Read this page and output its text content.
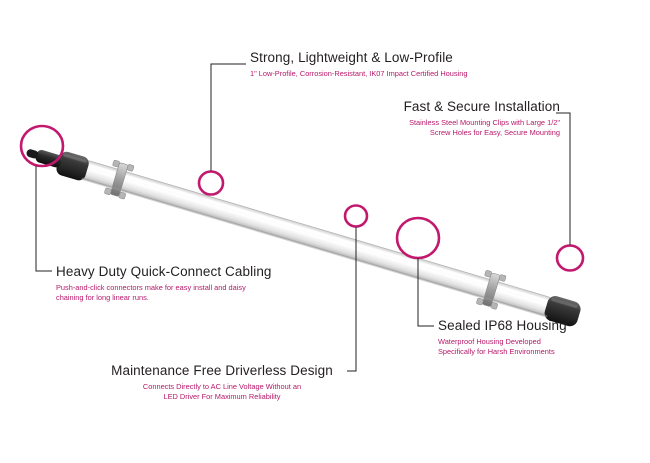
Strong, Lightweight & Low-Profile
1" Low-Profile, Corrosion-Resistant, IK07 Impact Certified Housing
Fast & Secure Installation
Stainless Steel Mounting Clips with Large 1/2"
Screw Holes for Easy, Secure Mounting
Heavy Duty Quick-Connect Cabling
Push-and-click connectors make for easy install and daisy
chaining for long linear runs.
Sealed IP68 Housing
Waterproof Housing Developed
Specifically for Harsh Environments
Maintenance Free Driverless Design
Connects Directly to AC Line Voltage Without an
LED Driver For Maximum Reliability
